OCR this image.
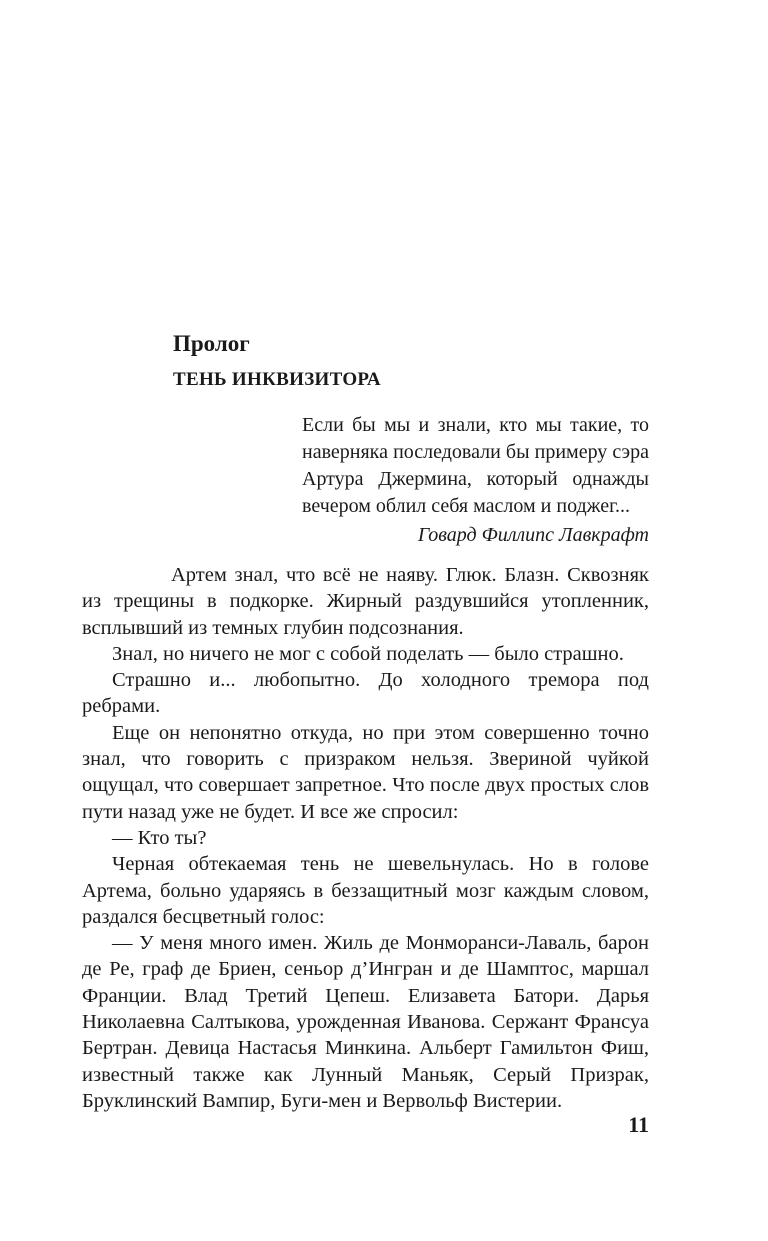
Пролог
ТЕНЬ ИНКВИЗИТОРА

Если бы мы и знали, кто мы такие, то наверняка последовали бы примеру сэра Артура Джермина, который однажды вечером облил себя маслом и поджег...

Говард Филлипс Лавкрафт

Артем знал, что всё не наяву. Глюк. Блазн. Сквозняк из трещины в подкорке. Жирный раздувшийся утопленник, всплывший из темных глубин подсознания.

Знал, но ничего не мог с собой поделать — было страшно.

Страшно и... любопытно. До холодного тремора под ребрами.

Еще он непонятно откуда, но при этом совершенно точно знал, что говорить с призраком нельзя. Звериной чуйкой ощущал, что совершает запретное. Что после двух простых слов пути назад уже не будет. И все же спросил:

— Кто ты?

Черная обтекаемая тень не шевельнулась. Но в голове Артема, больно ударяясь в беззащитный мозг каждым словом, раздался бесцветный голос:

— У меня много имен. Жиль де Монморанси-Лаваль, барон де Ре, граф де Бриен, сеньор д’Ингран и де Шамптос, маршал Франции. Влад Третий Цепеш. Елизавета Батори. Дарья Николаевна Салтыкова, урожденная Иванова. Сержант Франсуа Бертран. Девица Настасья Минкина. Альберт Гамильтон Фиш, известный также как Лунный Маньяк, Серый Призрак, Бруклинский Вампир, Буги-мен и Вервольф Вистерии.

11
